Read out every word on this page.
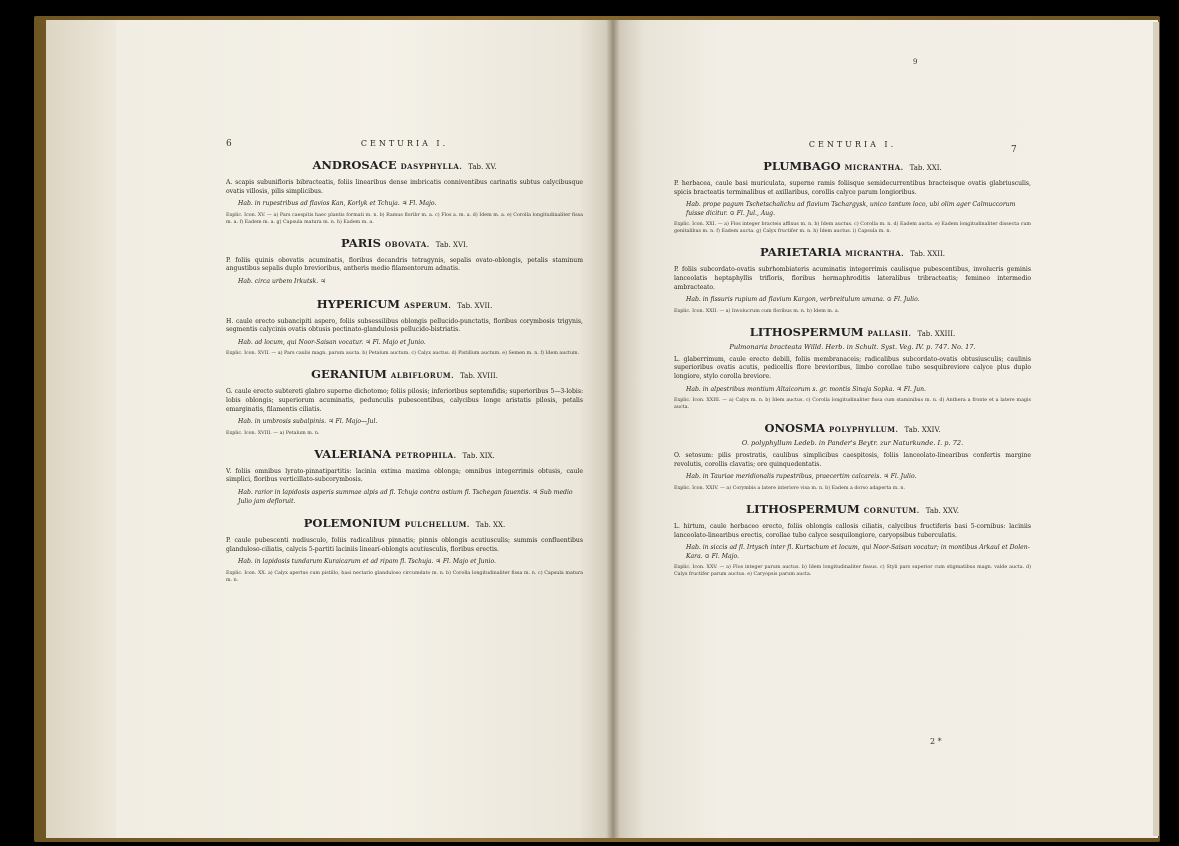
6
9
7
2 *
CENTURIA I.
ANDROSACE DASYPHYLLA. Tab. XV.
A. scapis subunifloris bibracteatis, foliis linearibus dense imbricatis conniventibus carinatis subtus calycibusque ovatis villosis, pilis simplicibus.
Hab. in rupestribus ad flavios Kan, Korlyk et Tchuja. ♃ Fl. Majo.
Explic. Icon. XV. — a) Pars caespitis haec plantis formati m. n. b) Ramus floribr m. a. c) Flos a. m. a. d) Idem m. a. e) Corolla longitudinaliter fissa m. a. f) Eadem m. a. g) Capsula matura m. n. h) Eadem m. a.
PARIS OBOVATA. Tab. XVI.
P. foliis quinis obovatis acuminatis, floribus decandris tetragynis, sepalis ovato-oblongis, petalis staminum angustibus sepalis duplo brevioribus, antheris medio filamentorum adnatis.
Hab. circa urbem Irkutsk. ♃
HYPERICUM ASPERUM. Tab. XVII.
H. caule erecto subancipiti aspero, foliis subsessilibus oblongis pellucido-punctatis, floribus corymbosis trigynis, segmentis calycinis ovatis obtusis pectinato-glandulosis pellucido-bistriatis.
Hab. ad locum, qui Noor-Saisan vocatur. ♃ Fl. Majo et Junio.
Explic. Icon. XVII. — a) Pars caulis magn. parum aucta. b) Petalum auctum. c) Calyx auctus. d) Pistillum auctum. e) Semen m. n. f) Idem auctum.
GERANIUM ALBIFLORUM. Tab. XVIII.
G. caule erecto subtereti glabro superne dichotomo; foliis pilosis; inferioribus septemfidis; superioribus 5—3-lobis: lobis oblongis; superiorum acuminatis, pedunculis pubescentibus, calycibus longe aristatis pilosis, petalis emarginatis, filamentis ciliatis.
Hab. in umbrosis subalpinis. ♃ Fl. Majo—Jul.
Explic. Icon. XVIII. — a) Petalum m. n.
VALERIANA PETROPHILA. Tab. XIX.
V. foliis omnibus lyrato-pinnatipartitis: lacinia extima maxima oblonga; omnibus integerrimis obtusis, caule simplici, floribus verticillato-subcorymbosis.
Hab. rarior in lapidosis asperis summae alpis ad fl. Tchuja contra ostium fl. Tschegan fauentis. ♃ Sub medio Julio jam defloruit.
POLEMONIUM PULCHELLUM. Tab. XX.
P. caule pubescenti nudiusculo, foliis radicalibus pinnatis; pinnis oblongis acutiusculis; summis confluentibus glanduloso-ciliatis, calycis 5-partiti laciniis linearí-oblongis acutiusculis, floribus erectis.
Hab. in lapidosis tundarum Kuraicarum et ad ripam fl. Tschuja. ♃ Fl. Majo et Junio.
Explic. Icon. XX. a) Calyx apertus cum pistillo, basi nectario glanduloso circumdato m. n. b) Corolla longitudinaliter fissa m. n. c) Capsula matura m. n.
CENTURIA I.
PLUMBAGO MICRANTHA. Tab. XXI.
P. herbacea, caule basi muriculata, superne ramis foliisque semidecurrentibus bracteisque ovatis glabriusculis, spicis bracteatis terminalibus et axillaribus, corollis calyce parum longioribus.
Hab. prope pagum Tschetschalichu ad flavium Tschargysk, unico tantum loco, ubi olim ager Calmuccorum fuisse dicitur. ⊙ Fl. Jul., Aug.
Explic. Icon. XXI. — a) Flos integer bracteis affixus m. n. b) Idem auctus. c) Corolla m. n. d) Eadem aucta. e) Eadem longitudinaliter dissecta cum genitalibus m. n. f) Eadem aucta. g) Calyx fructifer m. n. h) Idem auctus. i) Capsula m. n.
PARIETARIA MICRANTHA. Tab. XXII.
P. foliis subcordato-ovatis subrhombiateris acuminatis integerrimis caulisque pubescentibus, involucris geminis lanceolatis heptaphyllis trifloris, floribus hermaphroditis lateralibus tribracteatis; femineo intermedio ambracteato.
Hab. in fissuris rupium ad flavium Kargon, verbreitulum umana. ⊙ Fl. Julio.
Explic. Icon. XXII. — a) Involucrum cum floribus m. n. b) Idem m. a.
LITHOSPERMUM PALLASII. Tab. XXIII.
Pulmonaria bracteata Willd. Herb. in Schult. Syst. Veg. IV. p. 747. No. 17.
L. glaberrimum, caule erecto debili, foliis membranaceis; radicalibus subcordato-ovatis obtusiusculis; caulinis superioribus ovatis acutis, pedicellis flore brevioribus, limbo corollae tubo sesquibreviore calyce plus duplo longiore, stylo corolla breviore.
Hab. in alpestribus montium Altaicorum s. gr. montis Sinaja Sopka. ♃ Fl. Jun.
Explic. Icon. XXIII. — a) Calyx m. n. b) Idem auctus. c) Corolla longitudinaliter fissa cum staminibus m. n. d) Anthera a fronte et a latere magis aucta.
ONOSMA POLYPHYLLUM. Tab. XXIV.
O. polyphyllum Ledeb. in Pander's Beytr. zur Naturkunde. I. p. 72.
O. setosum: pilis prostratis, caulibus simplicibus caespitosis, foliis lanceolato-linearibus confertis margine revolutis, corollis clavatis; ore quinquedentatis.
Hab. in Tauriae meridionalis rupestribus, praecertim calcareis. ♃ Fl. Julio.
Explic. Icon. XXIV. — a) Corymbis a latere interiore visa m. n. b) Eadem a dorso adaperta m. n.
LITHOSPERMUM CORNUTUM. Tab. XXV.
L. hirtum, caule herbaceo erecto, foliis oblongis callosis ciliatis, calycibus fructiferis basi 5-cornibus: laciniis lanceolato-linearibus erectis, corollae tubo calyce sesquilongiore, caryopsibus tuberculatis.
Hab. in siccis ad fl. Irtysch inter fl. Kurtschum et locum, qui Noor-Saisan vocatur; in montibus Arkaul et Dolen-Kara. ⊙ Fl. Majo.
Explic. Icon. XXV. — a) Flos integer parum auctus. b) Idem longitudinaliter fissus. c) Styli pars superior cum stigmatibus magn. valde aucta. d) Calyx fructifer parum auctus. e) Caryopsis parum aucta.
